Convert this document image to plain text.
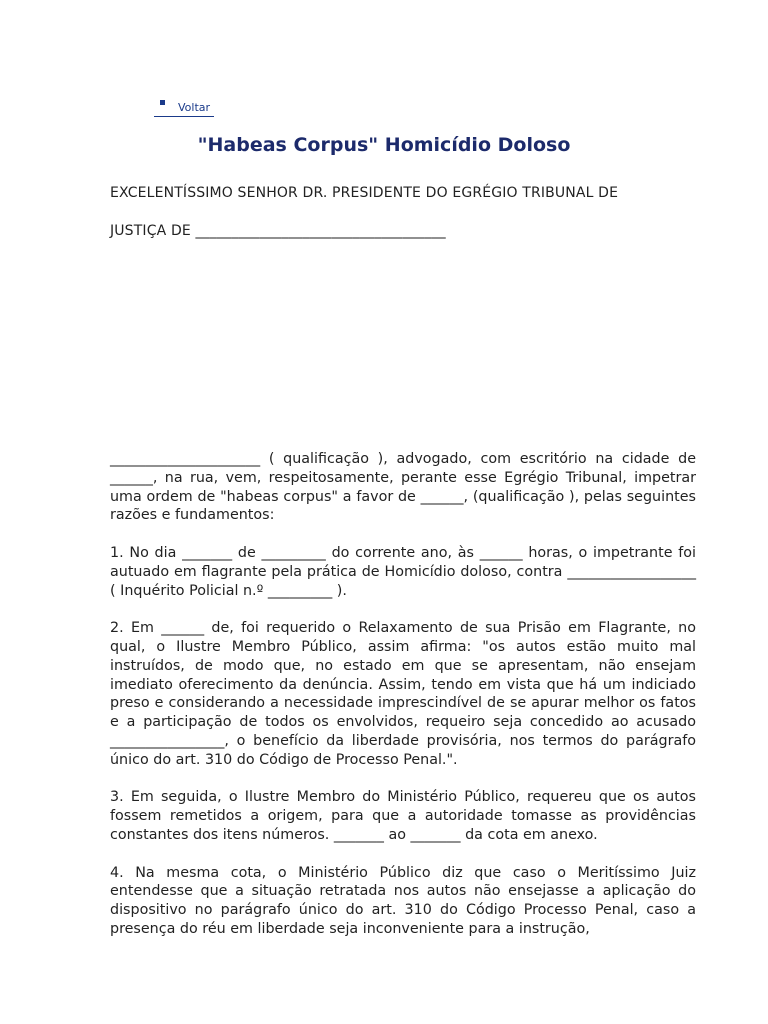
Voltar
"Habeas Corpus" Homicídio Doloso
EXCELENTÍSSIMO SENHOR DR. PRESIDENTE DO EGRÉGIO TRIBUNAL DE
JUSTIÇA DE ___________________________________

_____________________ ( qualificação ), advogado, com escritório na cidade de ______, na rua, vem, respeitosamente, perante esse Egrégio Tribunal, impetrar uma ordem de "habeas corpus" a favor de ______, (qualificação ), pelas seguintes razões e fundamentos:

1. No dia _______ de _________ do corrente ano, às ______ horas, o impetrante foi autuado em flagrante pela prática de Homicídio doloso, contra __________________ ( Inquérito Policial n.º _________ ).

2. Em ______ de, foi requerido o Relaxamento de sua Prisão em Flagrante, no qual, o Ilustre Membro Público, assim afirma: "os autos estão muito mal instruídos, de modo que, no estado em que se apresentam, não ensejam imediato oferecimento da denúncia. Assim, tendo em vista que há um indiciado preso e considerando a necessidade imprescindível de se apurar melhor os fatos e a participação de todos os envolvidos, requeiro seja concedido ao acusado ________________, o benefício da liberdade provisória, nos termos do parágrafo único do art. 310 do Código de Processo Penal.".

3. Em seguida, o Ilustre Membro do Ministério Público, requereu que os autos fossem remetidos a origem, para que a autoridade tomasse as providências constantes dos itens números. _______ ao _______ da cota em anexo.

4. Na mesma cota, o Ministério Público diz que caso o Meritíssimo Juiz entendesse que a situação retratada nos autos não ensejasse a aplicação do dispositivo no parágrafo único do art. 310 do Código Processo Penal, caso a presença do réu em liberdade seja inconveniente para a instrução,
